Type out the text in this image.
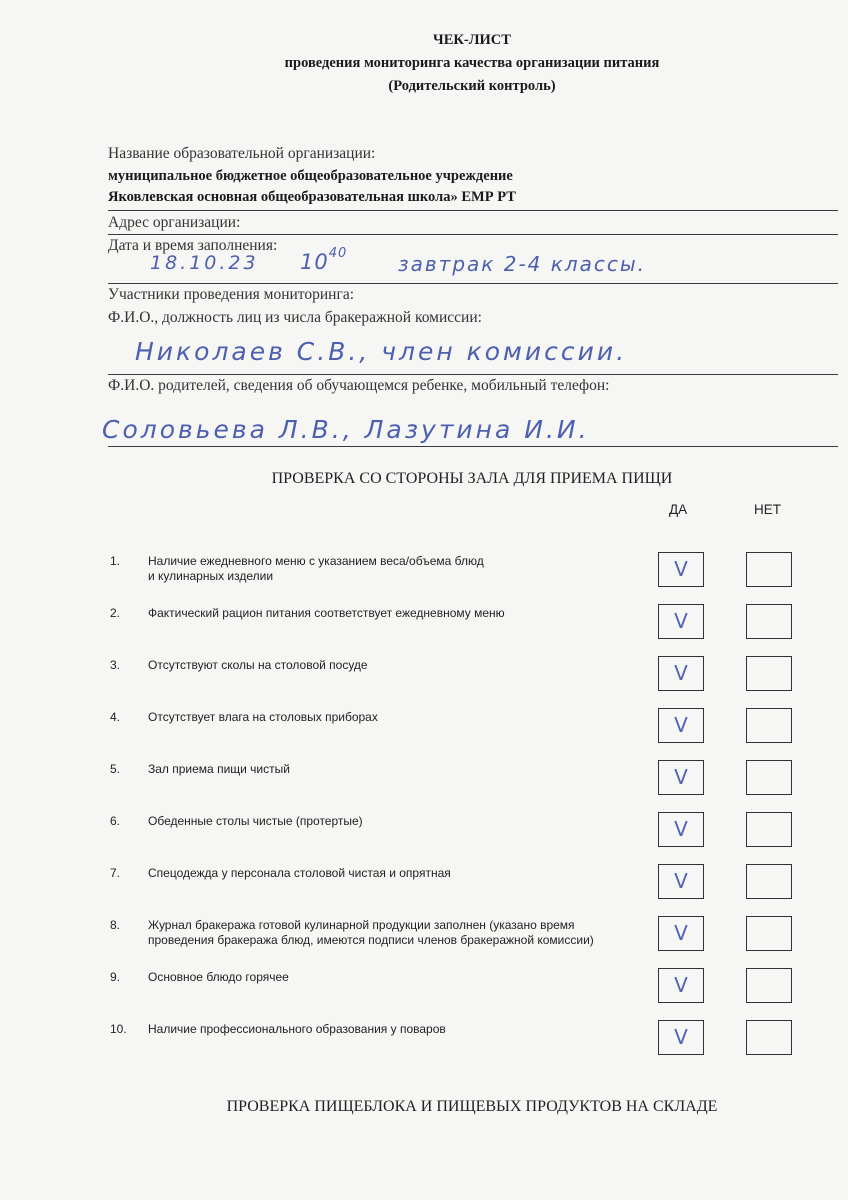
ЧЕК-ЛИСТ
проведения мониторинга качества организации питания
(Родительский контроль)
Название образовательной организации:
муниципальное бюджетное общеобразовательное учреждение
Яковлевская основная общеобразовательная школа» ЕМР РТ
Адрес организации:
Дата и время заполнения:
18.10.23 $10^{40}$	завтрак 2-4 классы.
Участники проведения мониторинга:
Ф.И.О., должность лиц из числа бракеражной комиссии:
Николаев С.В., член комиссии.
Ф.И.О. родителей, сведения об обучающемся ребенке, мобильный телефон:
Соловьева Л.В., Лазутина И.И.
ПРОВЕРКА СО СТОРОНЫ ЗАЛА ДЛЯ ПРИЕМА ПИЩИ
ДА	НЕТ
1. Наличие ежедневного меню с указанием веса/объема блюд
и кулинарных изделии	V
2. Фактический рацион питания соответствует ежедневному меню	V
3. Отсутствуют сколы на столовой посуде	V
4. Отсутствует влага на столовых приборах	V
5. Зал приема пищи чистый	V
6. Обеденные столы чистые (протертые)	V
7. Спецодежда у персонала столовой чистая и опрятная	V
8. Журнал бракеража готовой кулинарной продукции заполнен (указано время
проведения бракеража блюд, имеются подписи членов бракеражной комиссии)	V
9. Основное блюдо горячее	V
10. Наличие профессионального образования у поваров	V
ПРОВЕРКА ПИЩЕБЛОКА И ПИЩЕВЫХ ПРОДУКТОВ НА СКЛАДЕ
